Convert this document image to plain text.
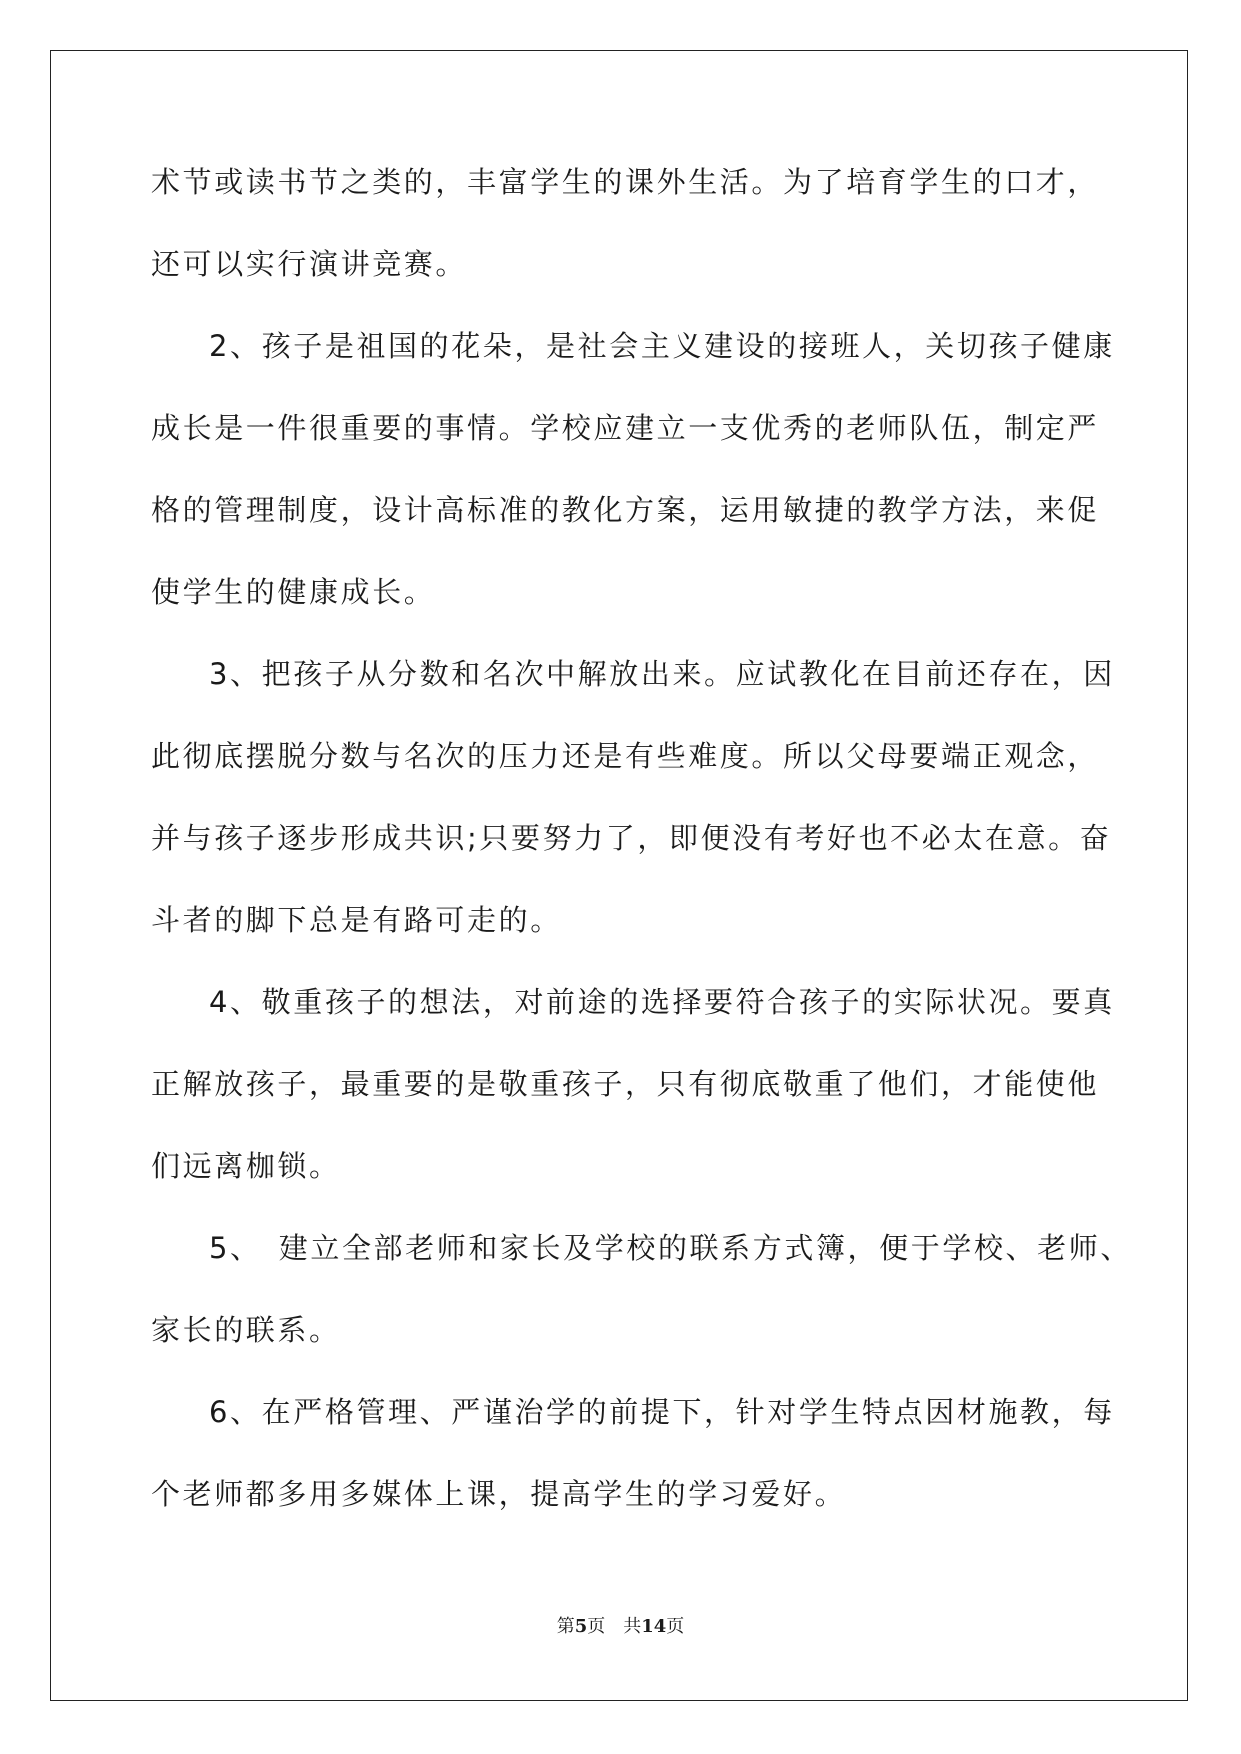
术节或读书节之类的，丰富学生的课外生活。为了培育学生的口才，
还可以实行演讲竞赛。
2、孩子是祖国的花朵，是社会主义建设的接班人，关切孩子健康
成长是一件很重要的事情。学校应建立一支优秀的老师队伍，制定严
格的管理制度，设计高标准的教化方案，运用敏捷的教学方法，来促
使学生的健康成长。
3、把孩子从分数和名次中解放出来。应试教化在目前还存在，因
此彻底摆脱分数与名次的压力还是有些难度。所以父母要端正观念，
并与孩子逐步形成共识;只要努力了，即便没有考好也不必太在意。奋
斗者的脚下总是有路可走的。
4、敬重孩子的想法，对前途的选择要符合孩子的实际状况。要真
正解放孩子，最重要的是敬重孩子，只有彻底敬重了他们，才能使他
们远离枷锁。
5、　建立全部老师和家长及学校的联系方式簿，便于学校、老师、
家长的联系。
6、在严格管理、严谨治学的前提下，针对学生特点因材施教，每
个老师都多用多媒体上课，提高学生的学习爱好。
第5页 共14页
